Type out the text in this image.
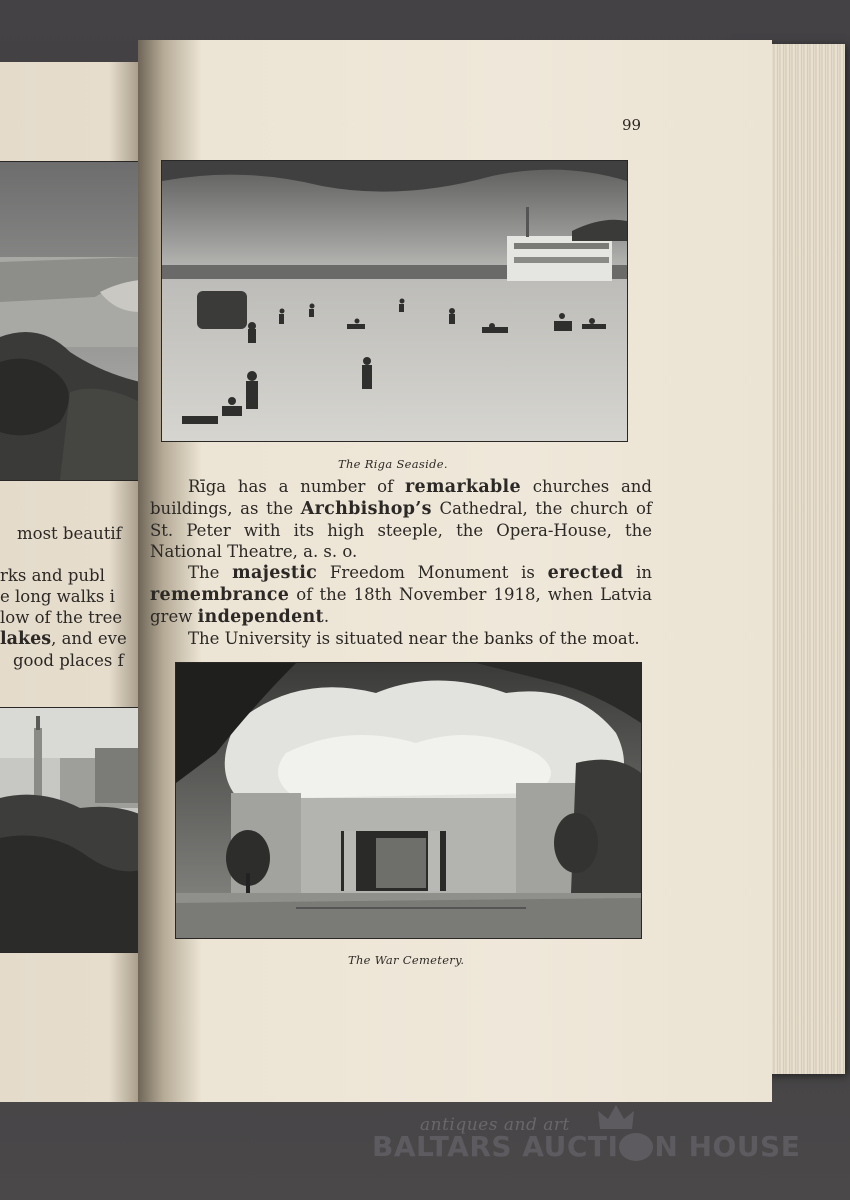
most beautif
rks and publ
e long walks i
low of the tree
lakes, and eve
good places f
99
The Riga Seaside.

Rīga has a number of remarkable churches and buildings, as the Archbishop’s Cathedral, the church of St. Peter with its high steeple, the Opera-House, the National Theatre, a. s. o.

The majestic Freedom Monument is erected in remembrance of the 18th November 1918, when Latvia grew independent.

The University is situated near the banks of the moat.

The War Cemetery.
antiques and art
BALTARS AUCTI N HOUSE
